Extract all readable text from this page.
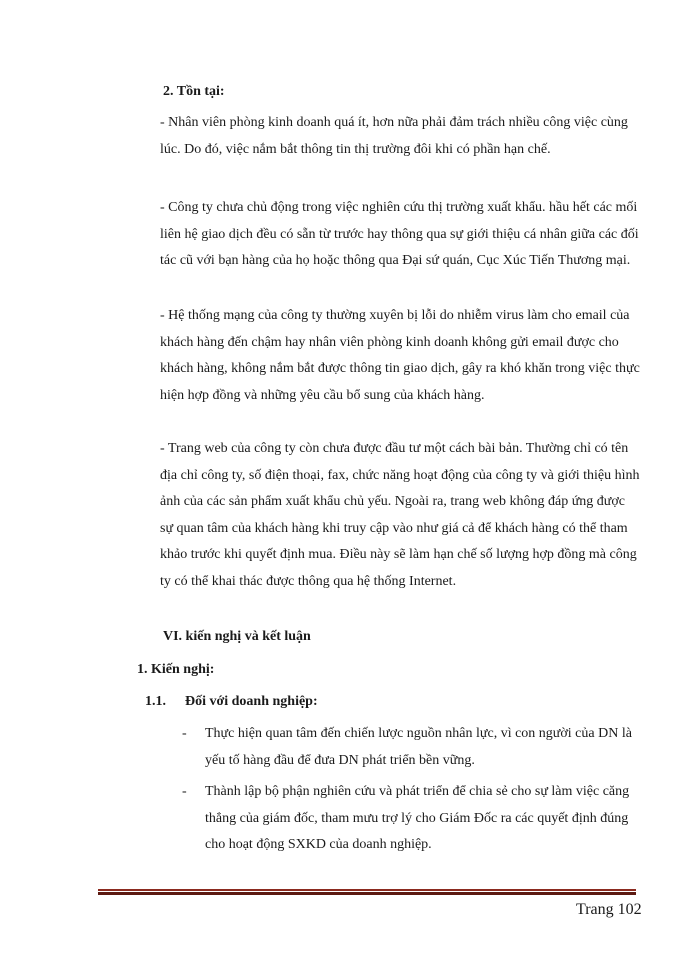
2. Tồn tại:

- Nhân viên phòng kinh doanh quá ít, hơn nữa phải đảm trách nhiều công việc cùng lúc. Do đó, việc nắm bắt thông tin thị trường đôi khi có phần hạn chế.

- Công ty chưa chủ động trong việc nghiên cứu thị trường xuất khẩu. hầu hết các mối liên hệ giao dịch đều có sẵn từ trước hay thông qua sự giới thiệu cá nhân giữa các đối tác cũ với bạn hàng của họ hoặc thông qua Đại sứ quán, Cục Xúc Tiến Thương mại.

- Hệ thống mạng của công ty thường xuyên bị lỗi do nhiễm virus làm cho email của khách hàng đến chậm hay nhân viên phòng kinh doanh không gửi email được cho khách hàng, không nắm bắt được thông tin giao dịch, gây ra khó khăn trong việc thực hiện hợp đồng và những yêu cầu bổ sung của khách hàng.

- Trang web của công ty còn chưa được đầu tư một cách bài bản. Thường chỉ có tên địa chỉ công ty, số điện thoại, fax, chức năng hoạt động của công ty và giới thiệu hình ảnh của các sản phẩm xuất khẩu chủ yếu. Ngoài ra, trang web không đáp ứng được sự quan tâm của khách hàng khi truy cập vào như giá cả để khách hàng có thể tham khảo trước khi quyết định mua. Điều này sẽ làm hạn chế số lượng hợp đồng mà công ty có thể khai thác được thông qua hệ thống Internet.

VI. kiến nghị và kết luận
1. Kiến nghị:
1.1. Đối với doanh nghiệp:
-	Thực hiện quan tâm đến chiến lược nguồn nhân lực, vì con người của DN là yếu tố hàng đầu để đưa DN phát triển bền vững.

-	Thành lập bộ phận nghiên cứu và phát triển để chia sẻ cho sự làm việc căng thẳng của giám đốc, tham mưu trợ lý cho Giám Đốc ra các quyết định đúng cho hoạt động SXKD của doanh nghiệp.

Trang 102
